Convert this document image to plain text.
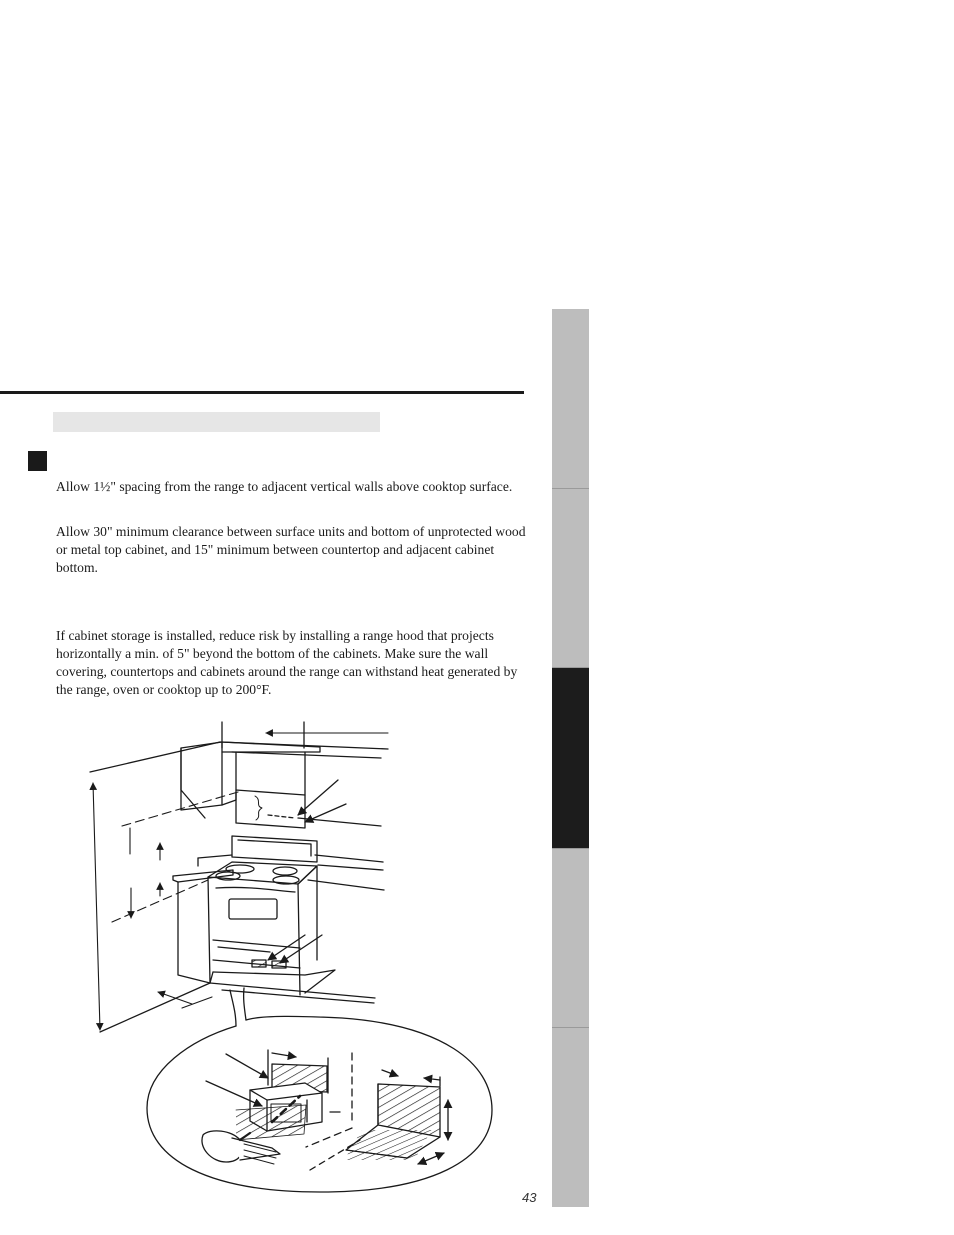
Allow 1½" spacing from the range to adjacent vertical walls above cooktop surface.

Allow 30" minimum clearance between surface units and bottom of unprotected wood or metal top cabinet, and 15" minimum between countertop and adjacent cabinet bottom.

If cabinet storage is installed, reduce risk by installing a range hood that projects horizontally a min. of 5" beyond the bottom of the cabinets. Make sure the wall covering, countertops and cabinets around the range can withstand heat generated by the range, oven or cooktop up to 200°F.

43
